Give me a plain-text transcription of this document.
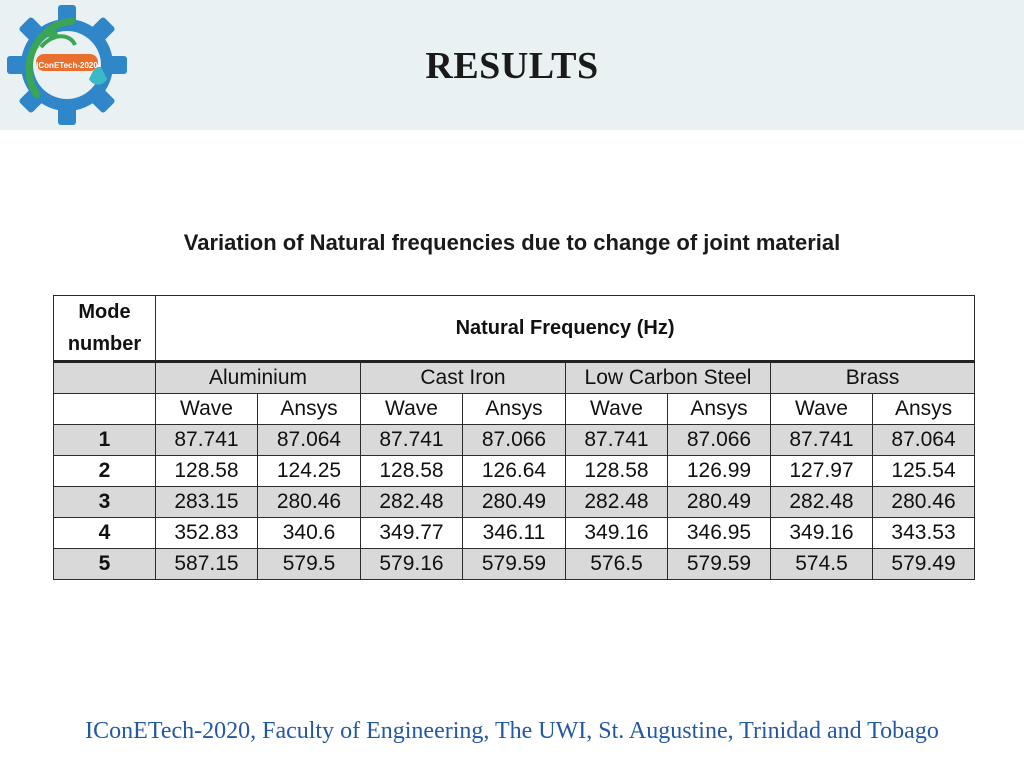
IConETech-2020	RESULTS
Variation of Natural frequencies due to change of joint material
Mode number	Natural Frequency (Hz)							
	Aluminium		Cast Iron		Low Carbon Steel		Brass	
	Wave	Ansys	Wave	Ansys	Wave	Ansys	Wave	Ansys
1	87.741	87.064	87.741	87.066	87.741	87.066	87.741	87.064
2	128.58	124.25	128.58	126.64	128.58	126.99	127.97	125.54
3	283.15	280.46	282.48	280.49	282.48	280.49	282.48	280.46
4	352.83	340.6	349.77	346.11	349.16	346.95	349.16	343.53
5	587.15	579.5	579.16	579.59	576.5	579.59	574.5	579.49
IConETech-2020, Faculty of Engineering, The UWI, St. Augustine, Trinidad and Tobago
